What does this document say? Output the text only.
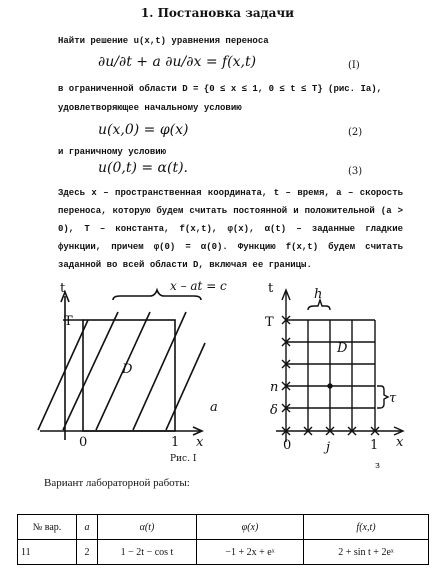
1. Постановка задачи
Найти решение u(x,t) уравнения переноса
∂u/∂t + a ∂u/∂x = f(x,t)	(I)
в ограниченной области D = {0 ≤ x ≤ 1, 0 ≤ t ≤ T} (рис. Ia),
удовлетворяющее начальному условию
u(x,0) = φ(x)	(2)
и граничному условию
u(0,t) = α(t).	(3)
Здесь x – пространственная координата, t – время, a – скорость переноса, которую будем считать постоянной и положительной (a > 0), T – константа, f(x,t), φ(x), α(t) – заданные гладкие функции, причем φ(0) = α(0). Функцию f(x,t) будем считать заданной во всей области D, включая ее границы.
t
T
D
a
x
0	1
x – at = c
Рис. I
t
T
h
D
n
δ
τ
x
0	j	1
з
Вариант лабораторной работы:
№ вар.	a	α(t)	φ(x)	f(x,t)
11	2	1 − 2t − cos t	−1 + 2x + eˣ	2 + sin t + 2eˣ
